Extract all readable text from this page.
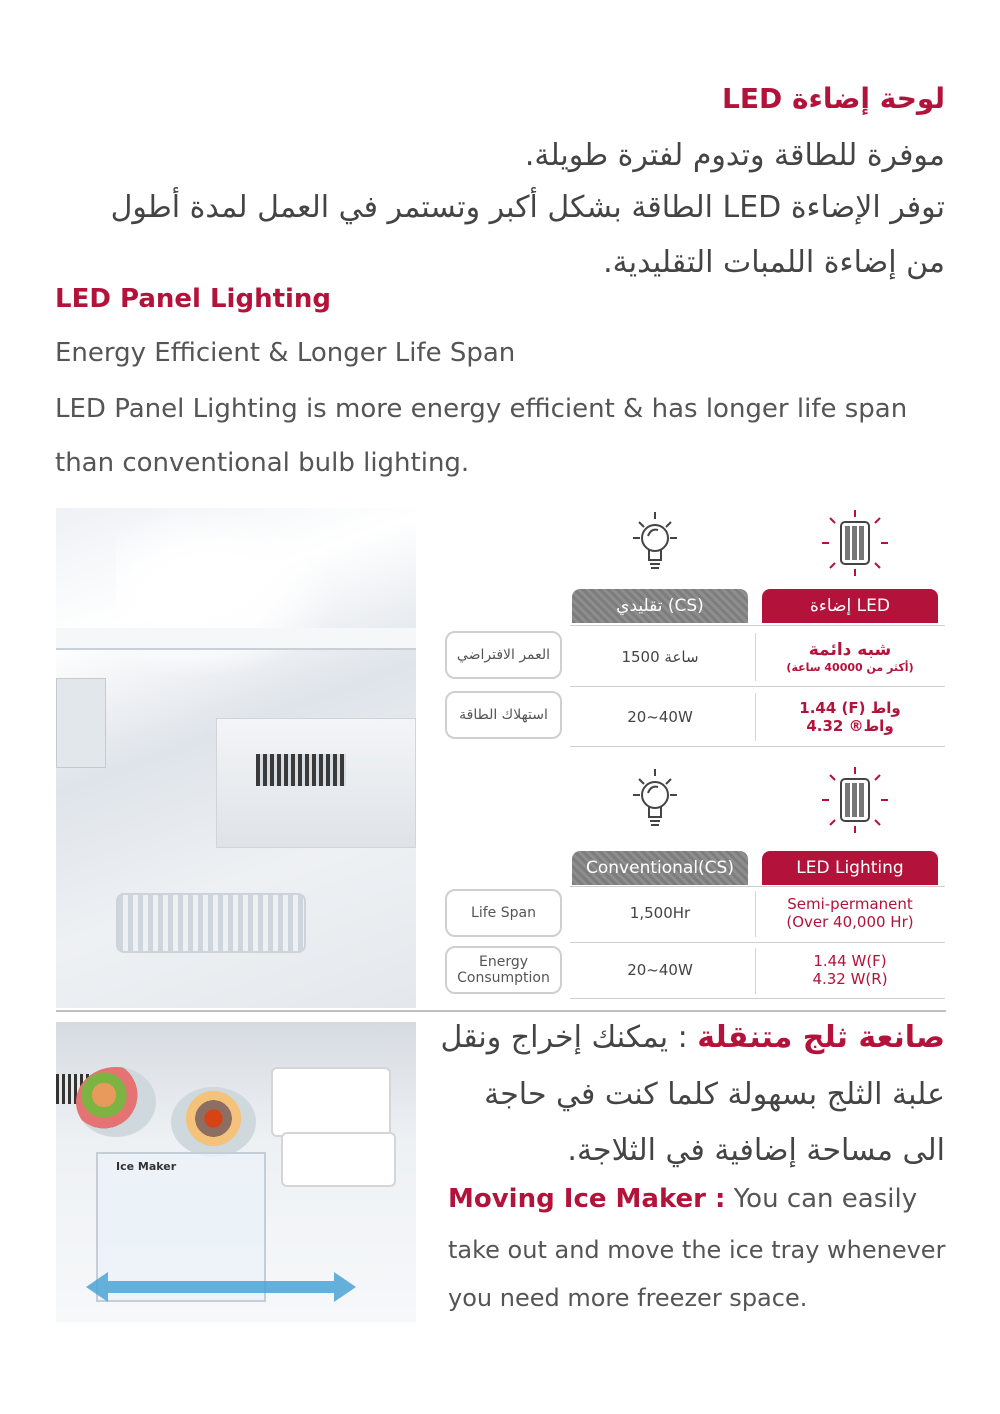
لوحة إضاءة LED
موفرة للطاقة وتدوم لفترة طويلة.
توفر الإضاءة LED الطاقة بشكل أكبر وتستمر في العمل لمدة أطول
من إضاءة اللمبات التقليدية.
LED Panel Lighting
Energy Efficient & Longer Life Span
LED Panel Lighting is more energy efficient & has longer life span
than conventional bulb lighting.
تقليدي (CS)	إضاءة LED
العمر الافتراضي	1500 ساعة	شبه دائمة
(أكثر من 40000 ساعة)
استهلاك الطاقة	20~40W	1.44 (F) واط
4.32 ®واط
Conventional(CS)	LED Lighting
Life Span	1,500Hr	Semi-permanent
(Over 40,000 Hr)
Energy
Consumption	20~40W	1.44 W(F)
4.32 W(R)
Ice Maker
صانعة ثلج متنقلة : يمكنك إخراج ونقل
علبة الثلج بسهولة كلما كنت في حاجة
الى مساحة إضافية في الثلاجة.
Moving Ice Maker : You can easily
take out and move the ice tray whenever
you need more freezer space.
